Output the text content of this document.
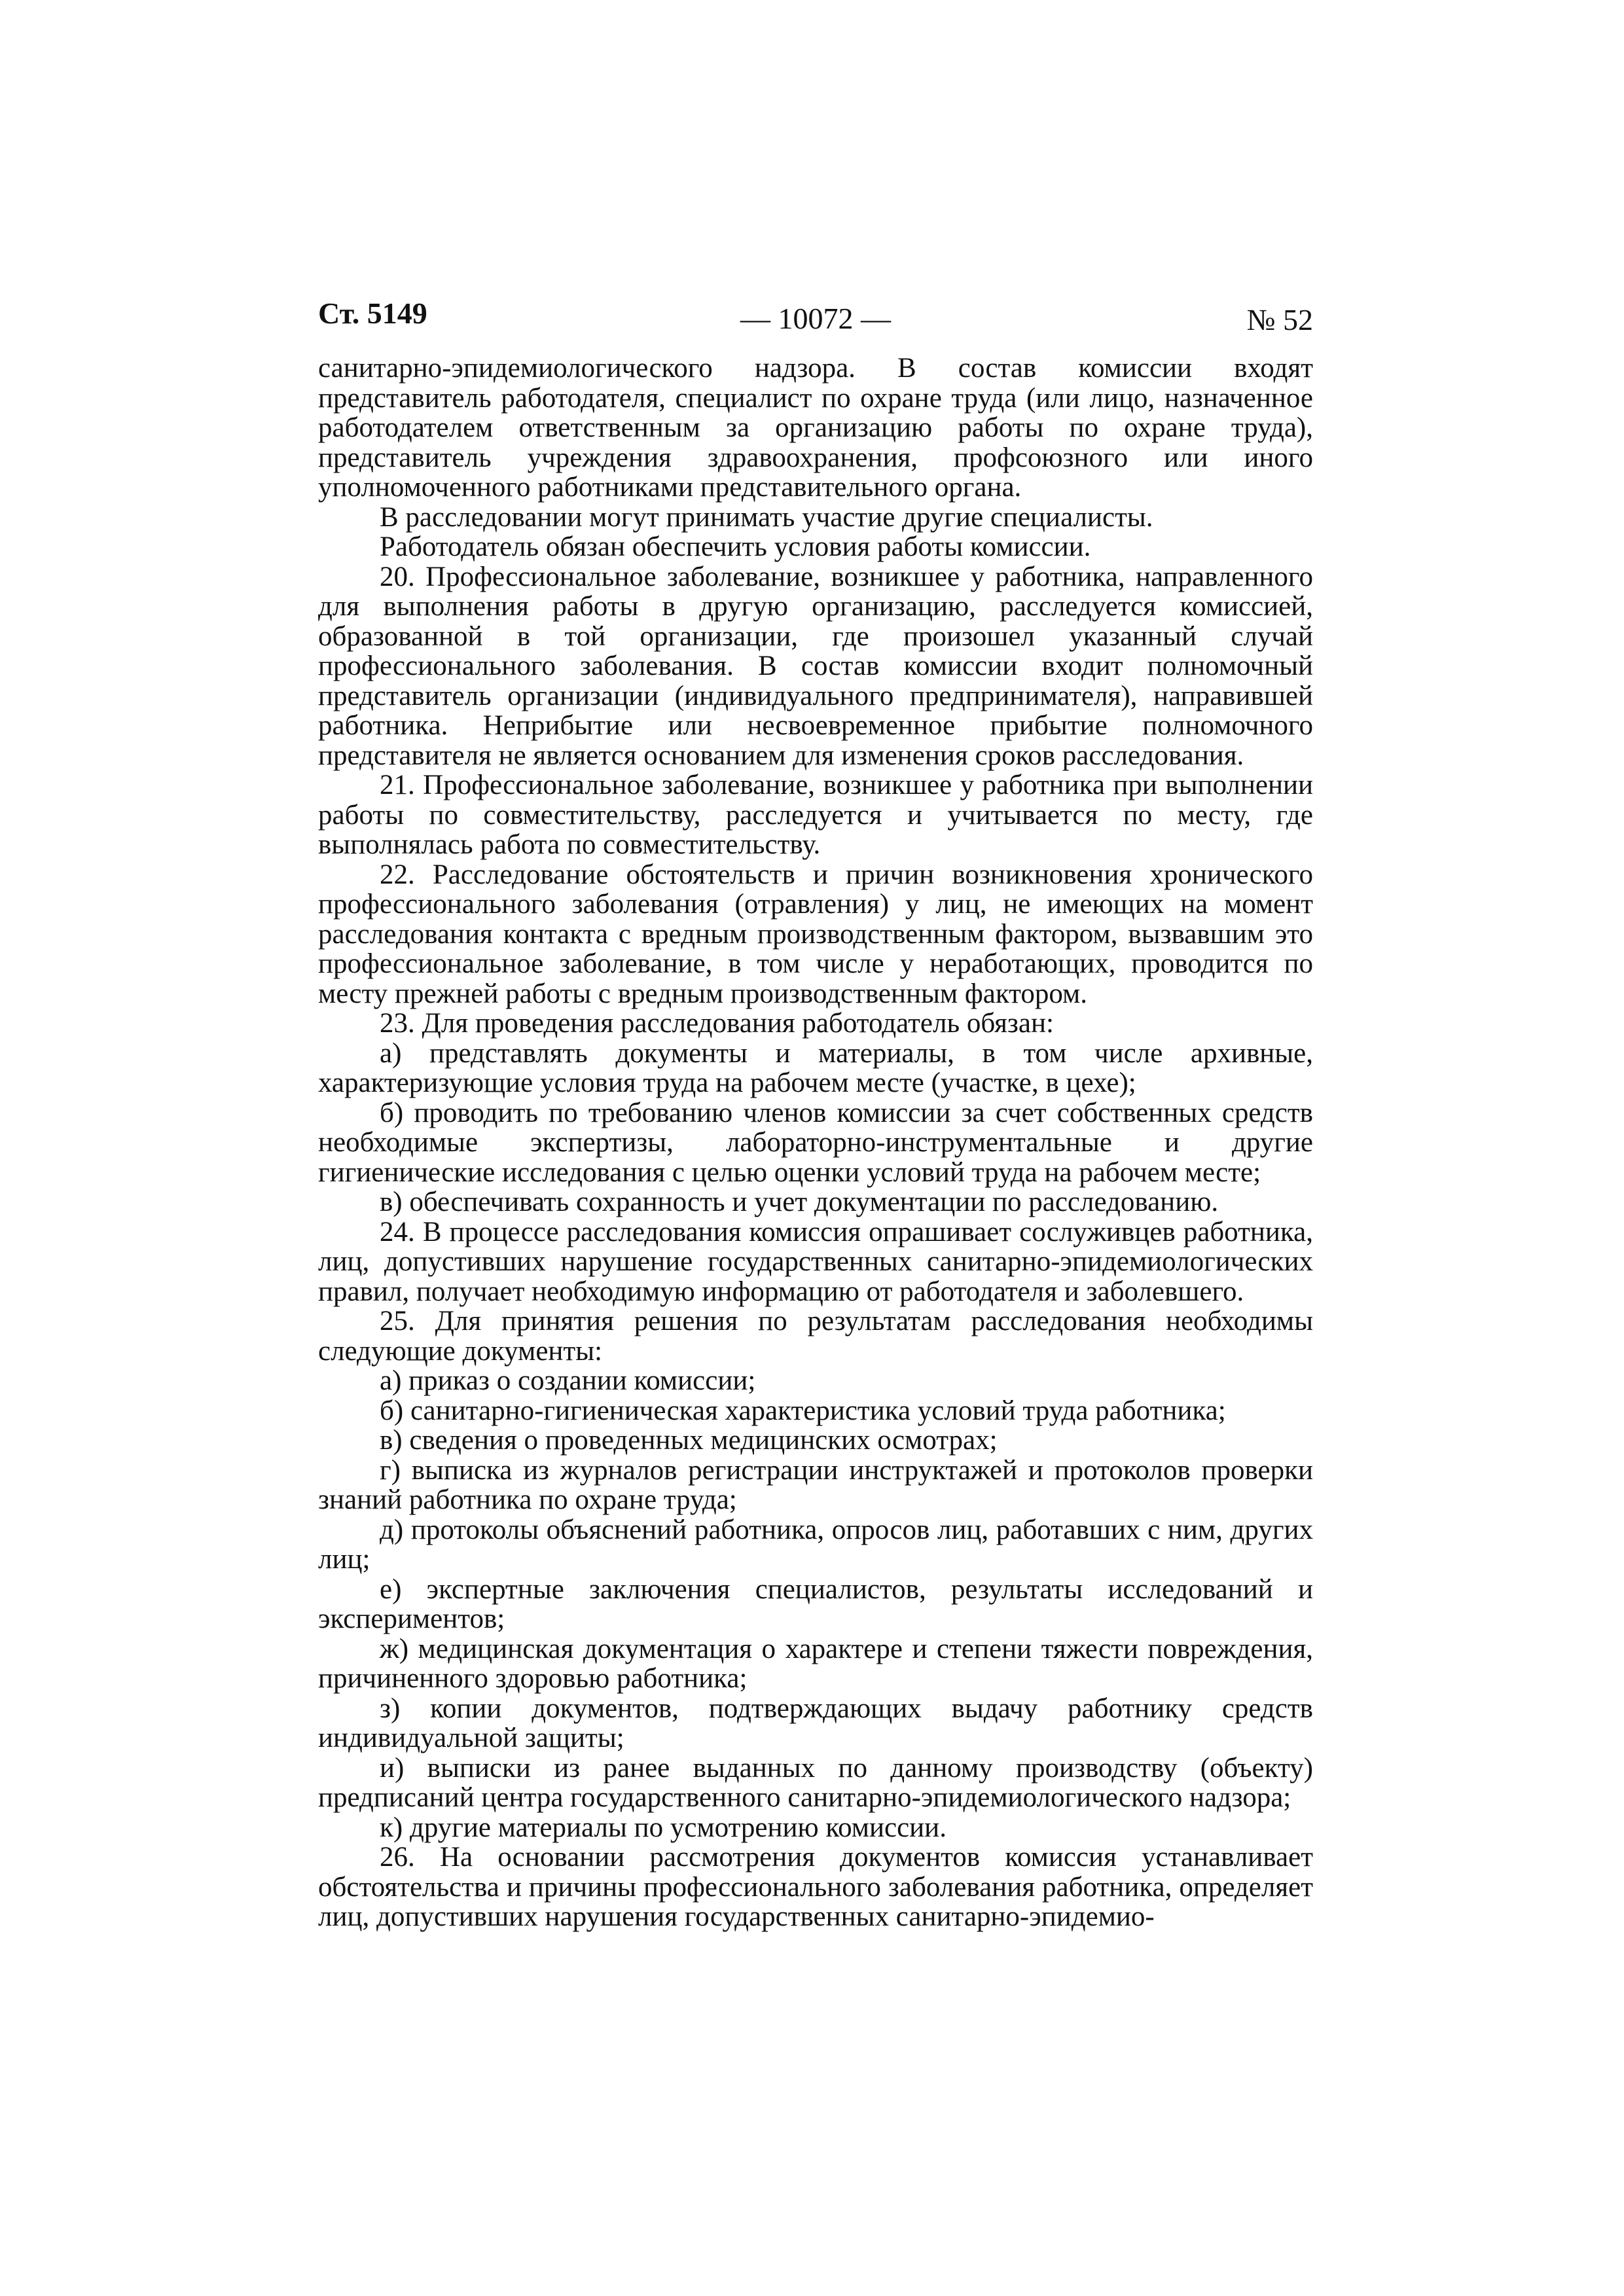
Ст. 5149	— 10072 —	№ 52

санитарно-эпидемиологического надзора. В состав комиссии входят представитель работодателя, специалист по охране труда (или лицо, назначенное работодателем ответственным за организацию работы по охране труда), представитель учреждения здравоохранения, профсоюзного или иного уполномоченного работниками представительного органа.

В расследовании могут принимать участие другие специалисты.

Работодатель обязан обеспечить условия работы комиссии.

20. Профессиональное заболевание, возникшее у работника, направленного для выполнения работы в другую организацию, расследуется комиссией, образованной в той организации, где произошел указанный случай профессионального заболевания. В состав комиссии входит полномочный представитель организации (индивидуального предпринимателя), направившей работника. Неприбытие или несвоевременное прибытие полномочного представителя не является основанием для изменения сроков расследования.

21. Профессиональное заболевание, возникшее у работника при выполнении работы по совместительству, расследуется и учитывается по месту, где выполнялась работа по совместительству.

22. Расследование обстоятельств и причин возникновения хронического профессионального заболевания (отравления) у лиц, не имеющих на момент расследования контакта с вредным производственным фактором, вызвавшим это профессиональное заболевание, в том числе у неработающих, проводится по месту прежней работы с вредным производственным фактором.

23. Для проведения расследования работодатель обязан:

а) представлять документы и материалы, в том числе архивные, характеризующие условия труда на рабочем месте (участке, в цехе);

б) проводить по требованию членов комиссии за счет собственных средств необходимые экспертизы, лабораторно-инструментальные и другие гигиенические исследования с целью оценки условий труда на рабочем месте;

в) обеспечивать сохранность и учет документации по расследованию.

24. В процессе расследования комиссия опрашивает сослуживцев работника, лиц, допустивших нарушение государственных санитарно-эпидемиологических правил, получает необходимую информацию от работодателя и заболевшего.

25. Для принятия решения по результатам расследования необходимы следующие документы:

а) приказ о создании комиссии;

б) санитарно-гигиеническая характеристика условий труда работника;

в) сведения о проведенных медицинских осмотрах;

г) выписка из журналов регистрации инструктажей и протоколов проверки знаний работника по охране труда;

д) протоколы объяснений работника, опросов лиц, работавших с ним, других лиц;

е) экспертные заключения специалистов, результаты исследований и экспериментов;

ж) медицинская документация о характере и степени тяжести повреждения, причиненного здоровью работника;

з) копии документов, подтверждающих выдачу работнику средств индивидуальной защиты;

и) выписки из ранее выданных по данному производству (объекту) предписаний центра государственного санитарно-эпидемиологического надзора;

к) другие материалы по усмотрению комиссии.

26. На основании рассмотрения документов комиссия устанавливает обстоятельства и причины профессионального заболевания работника, определяет лиц, допустивших нарушения государственных санитарно-эпидемио-
